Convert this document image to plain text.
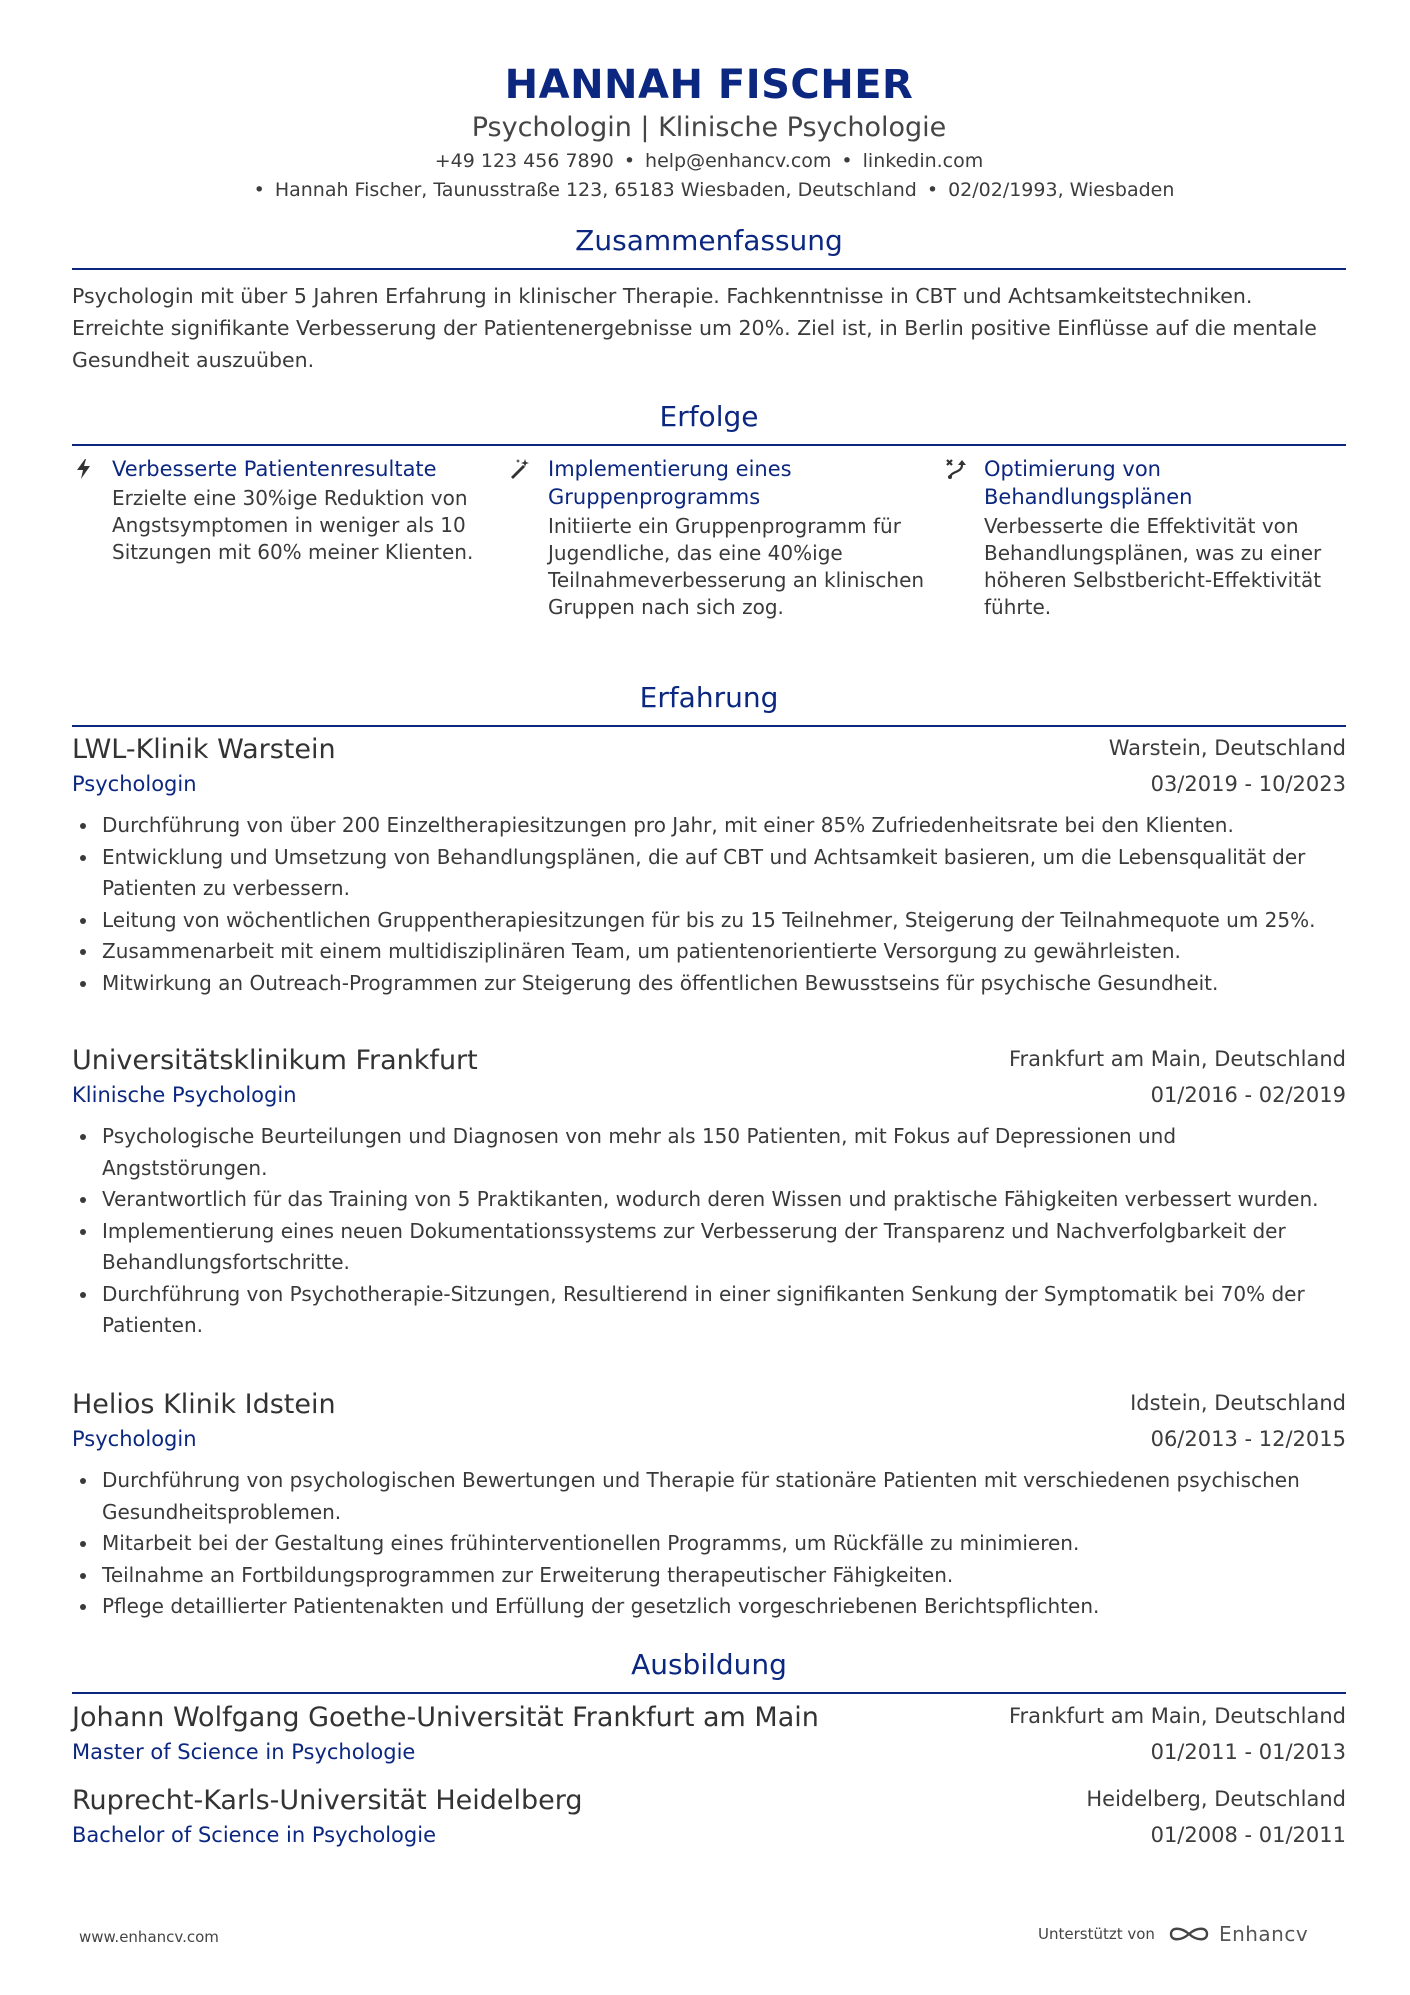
HANNAH FISCHER
Psychologin | Klinische Psychologie
+49 123 456 7890 • help@enhancv.com • linkedin.com
• Hannah Fischer, Taunusstraße 123, 65183 Wiesbaden, Deutschland • 02/02/1993, Wiesbaden
Zusammenfassung
Psychologin mit über 5 Jahren Erfahrung in klinischer Therapie. Fachkenntnisse in CBT und Achtsamkeitstechniken. Erreichte signifikante Verbesserung der Patientenergebnisse um 20%. Ziel ist, in Berlin positive Einflüsse auf die mentale Gesundheit auszuüben.
Erfolge
Verbesserte Patientenresultate
Erzielte eine 30%ige Reduktion von Angstsymptomen in weniger als 10 Sitzungen mit 60% meiner Klienten.
Implementierung eines Gruppenprogramms
Initiierte ein Gruppenprogramm für Jugendliche, das eine 40%ige Teilnahmeverbesserung an klinischen Gruppen nach sich zog.
Optimierung von Behandlungsplänen
Verbesserte die Effektivität von Behandlungsplänen, was zu einer höheren Selbstbericht-Effektivität führte.
Erfahrung
LWL-Klinik Warstein	Warstein, Deutschland
Psychologin	03/2019 - 10/2023
Durchführung von über 200 Einzeltherapiesitzungen pro Jahr, mit einer 85% Zufriedenheitsrate bei den Klienten.
Entwicklung und Umsetzung von Behandlungsplänen, die auf CBT und Achtsamkeit basieren, um die Lebensqualität der Patienten zu verbessern.
Leitung von wöchentlichen Gruppentherapiesitzungen für bis zu 15 Teilnehmer, Steigerung der Teilnahmequote um 25%.
Zusammenarbeit mit einem multidisziplinären Team, um patientenorientierte Versorgung zu gewährleisten.
Mitwirkung an Outreach-Programmen zur Steigerung des öffentlichen Bewusstseins für psychische Gesundheit.
Universitätsklinikum Frankfurt	Frankfurt am Main, Deutschland
Klinische Psychologin	01/2016 - 02/2019
Psychologische Beurteilungen und Diagnosen von mehr als 150 Patienten, mit Fokus auf Depressionen und Angststörungen.
Verantwortlich für das Training von 5 Praktikanten, wodurch deren Wissen und praktische Fähigkeiten verbessert wurden.
Implementierung eines neuen Dokumentationssystems zur Verbesserung der Transparenz und Nachverfolgbarkeit der Behandlungsfortschritte.
Durchführung von Psychotherapie-Sitzungen, Resultierend in einer signifikanten Senkung der Symptomatik bei 70% der Patienten.
Helios Klinik Idstein	Idstein, Deutschland
Psychologin	06/2013 - 12/2015
Durchführung von psychologischen Bewertungen und Therapie für stationäre Patienten mit verschiedenen psychischen Gesundheitsproblemen.
Mitarbeit bei der Gestaltung eines frühinterventionellen Programms, um Rückfälle zu minimieren.
Teilnahme an Fortbildungsprogrammen zur Erweiterung therapeutischer Fähigkeiten.
Pflege detaillierter Patientenakten und Erfüllung der gesetzlich vorgeschriebenen Berichtspflichten.
Ausbildung
Johann Wolfgang Goethe-Universität Frankfurt am Main	Frankfurt am Main, Deutschland
Master of Science in Psychologie	01/2011 - 01/2013
Ruprecht-Karls-Universität Heidelberg	Heidelberg, Deutschland
Bachelor of Science in Psychologie	01/2008 - 01/2011
www.enhancv.com	Unterstützt von	Enhancv
